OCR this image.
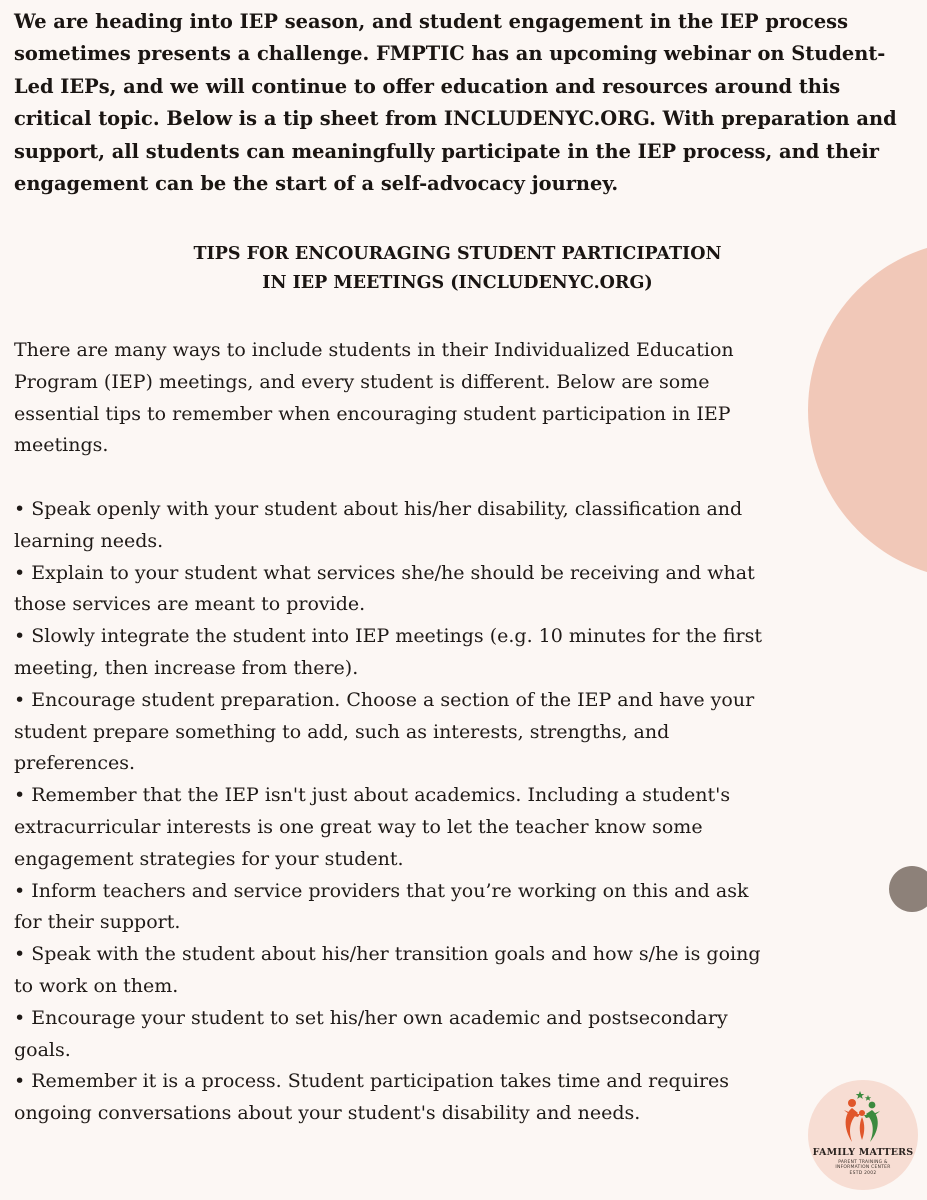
We are heading into IEP season, and student engagement in the IEP process sometimes presents a challenge. FMPTIC has an upcoming webinar on Student-Led IEPs, and we will continue to offer education and resources around this critical topic. Below is a tip sheet from INCLUDENYC.ORG. With preparation and support, all students can meaningfully participate in the IEP process, and their engagement can be the start of a self-advocacy journey.

TIPS FOR ENCOURAGING STUDENT PARTICIPATION
IN IEP MEETINGS (INCLUDENYC.ORG)

There are many ways to include students in their Individualized Education Program (IEP) meetings, and every student is different. Below are some essential tips to remember when encouraging student participation in IEP meetings.

• Speak openly with your student about his/her disability, classification and learning needs.
• Explain to your student what services she/he should be receiving and what those services are meant to provide.
• Slowly integrate the student into IEP meetings (e.g. 10 minutes for the first meeting, then increase from there).
• Encourage student preparation. Choose a section of the IEP and have your student prepare something to add, such as interests, strengths, and preferences.
• Remember that the IEP isn't just about academics. Including a student's extracurricular interests is one great way to let the teacher know some engagement strategies for your student.
• Inform teachers and service providers that you’re working on this and ask for their support.
• Speak with the student about his/her transition goals and how s/he is going to work on them.
• Encourage your student to set his/her own academic and postsecondary goals.
• Remember it is a process. Student participation takes time and requires ongoing conversations about your student's disability and needs.
FAMILY MATTERS
PARENT TRAINING &
INFORMATION CENTER
ESTD 2002
